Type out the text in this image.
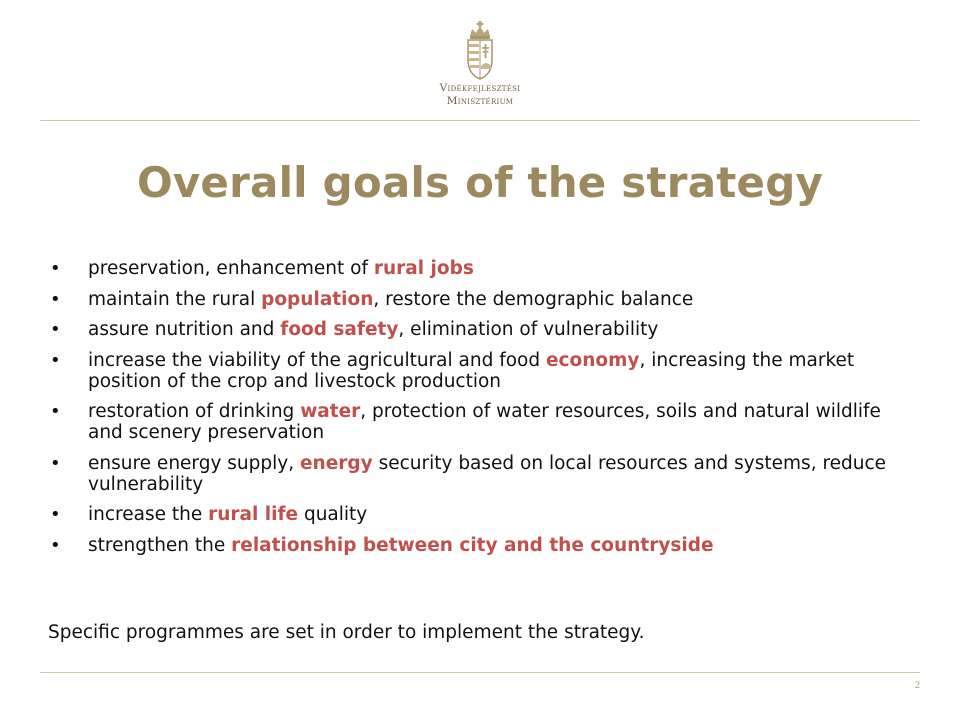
Vidékfejlesztési
Minisztérium
Overall goals of the strategy
• preservation, enhancement of rural jobs
• maintain the rural population, restore the demographic balance
• assure nutrition and food safety, elimination of vulnerability
• increase the viability of the agricultural and food economy, increasing the market position of the crop and livestock production
• restoration of drinking water, protection of water resources, soils and natural wildlife and scenery preservation
• ensure energy supply, energy security based on local resources and systems, reduce vulnerability
• increase the rural life quality
• strengthen the relationship between city and the countryside

Specific programmes are set in order to implement the strategy.

2
